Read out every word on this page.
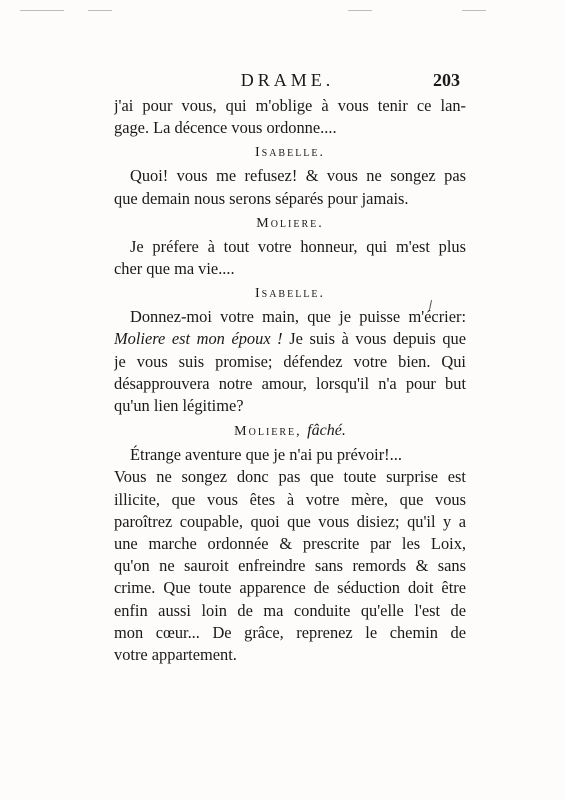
DRAME.	203
j'ai pour vous, qui m'oblige à vous tenir ce lan-
gage. La décence vous ordonne....
Isabelle.
Quoi! vous me refusez! & vous ne songez pas
que demain nous serons séparés pour jamais.
Moliere.
Je préfere à tout votre honneur, qui m'est plus
cher que ma vie....
Isabelle.
Donnez-moi votre main, que je puisse m'écrier:
Moliere est mon époux ! Je suis à vous depuis que
je vous suis promise; défendez votre bien. Qui
désapprouvera notre amour, lorsqu'il n'a pour but
qu'un lien légitime?
Moliere, fâché.
Étrange aventure que je n'ai pu prévoir!...
Vous ne songez donc pas que toute surprise est
illicite, que vous êtes à votre mère, que vous
paroîtrez coupable, quoi que vous disiez; qu'il y a
une marche ordonnée & prescrite par les Loix,
qu'on ne sauroit enfreindre sans remords & sans
crime. Que toute apparence de séduction doit être
enfin aussi loin de ma conduite qu'elle l'est de
mon cœur... De grâce, reprenez le chemin de
votre appartement.
